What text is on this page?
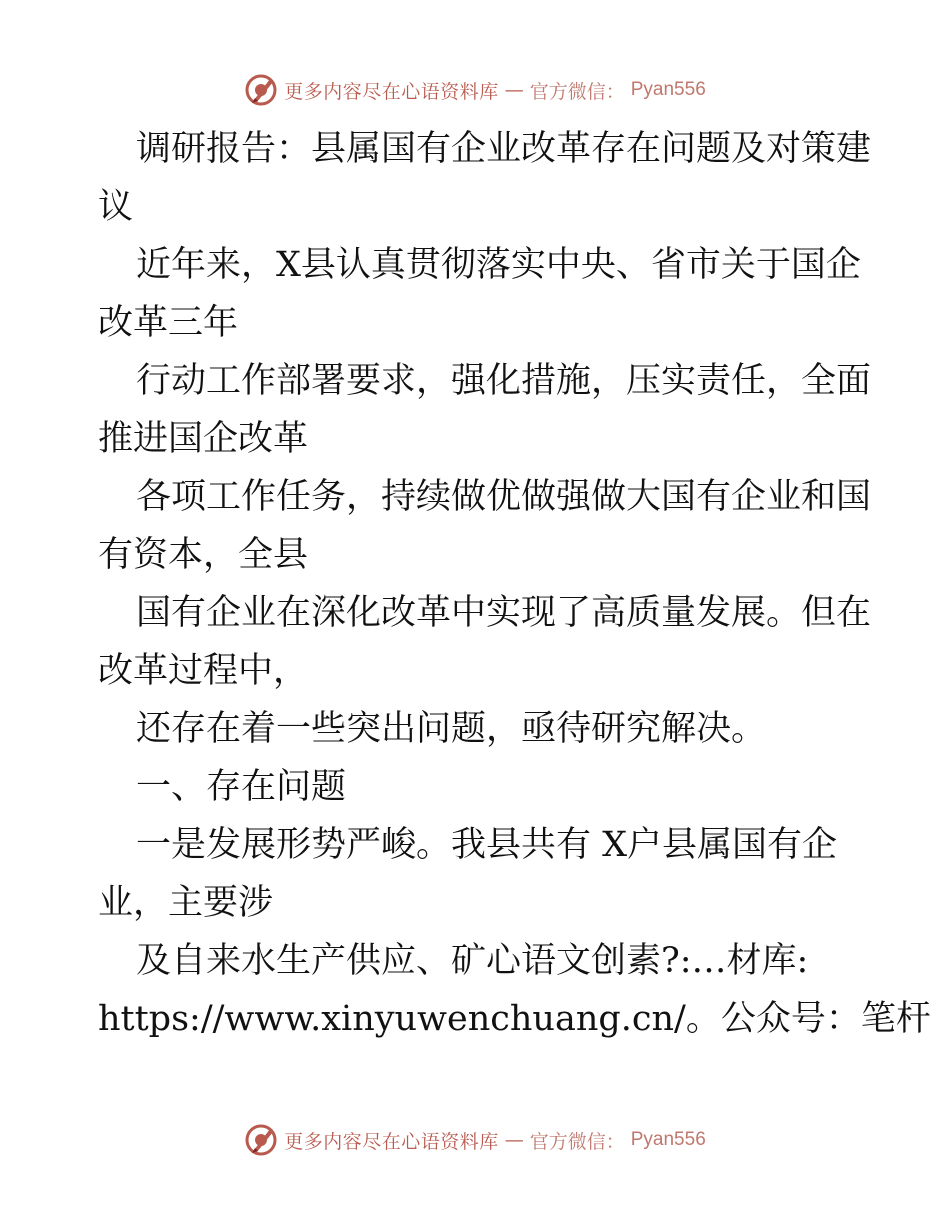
更多内容尽在心语资料库 — 官方微信： Pyan556
调研报告：县属国有企业改革存在问题及对策建
议
近年来，X县认真贯彻落实中央、省市关于国企
改革三年
行动工作部署要求，强化措施，压实责任，全面
推进国企改革
各项工作任务，持续做优做强做大国有企业和国
有资本，全县
国有企业在深化改革中实现了高质量发展。但在
改革过程中，
还存在着一些突出问题，亟待研究解决。
一、存在问题
一是发展形势严峻。我县共有 X户县属国有企
业，主要涉
及自来水生产供应、矿心语文创素?:…材库:
https://www.xinyuwenchuang.cn/。公众号：笔杆
更多内容尽在心语资料库 — 官方微信： Pyan556
